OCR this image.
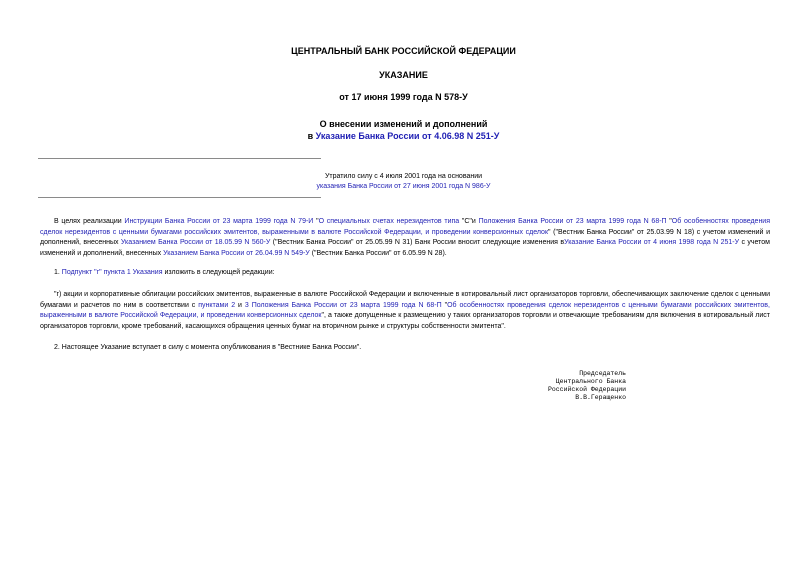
ЦЕНТРАЛЬНЫЙ БАНК РОССИЙСКОЙ ФЕДЕРАЦИИ
УКАЗАНИЕ
от 17 июня 1999 года N 578-У
О внесении изменений и дополнений
в Указание Банка России от 4.06.98 N 251-У
Утратило силу с 4 июля 2001 года на основании
указания Банка России от 27 июня 2001 года N 986-У
В целях реализации Инструкции Банка России от 23 марта 1999 года N 79-И "О специальных счетах нерезидентов типа "С"и Положения Банка России от 23 марта 1999 года N 68-П "Об особенностях проведения сделок нерезидентов с ценными бумагами российских эмитентов, выраженными в валюте Российской Федерации, и проведении конверсионных сделок" ("Вестник Банка России" от 25.03.99 N 18) с учетом изменений и дополнений, внесенных Указанием Банка России от 18.05.99 N 560-У ("Вестник Банка России" от 25.05.99 N 31) Банк России вносит следующие изменения вУказание Банка России от 4 июня 1998 года N 251-У с учетом изменений и дополнений, внесенных Указанием Банка России от 26.04.99 N 549-У ("Вестник Банка России" от 6.05.99 N 28).
1. Подпункт "г" пункта 1 Указания изложить в следующей редакции:
"г) акции и корпоративные облигации российских эмитентов, выраженные в валюте Российской Федерации и включенные в котировальный лист организаторов торговли, обеспечивающих заключение сделок с ценными бумагами и расчетов по ним в соответствии с пунктами 2 и 3 Положения Банка России от 23 марта 1999 года N 68-П "Об особенностях проведения сделок нерезидентов с ценными бумагами российских эмитентов, выраженными в валюте Российской Федерации, и проведении конверсионных сделок", а также допущенные к размещению у таких организаторов торговли и отвечающие требованиям для включения в котировальный лист организаторов торговли, кроме требований, касающихся обращения ценных бумаг на вторичном рынке и структуры собственности эмитента".
2. Настоящее Указание вступает в силу с момента опубликования в "Вестнике Банка России".
Председатель
Центрального Банка
Российской Федерации
В.В.Геращенко
